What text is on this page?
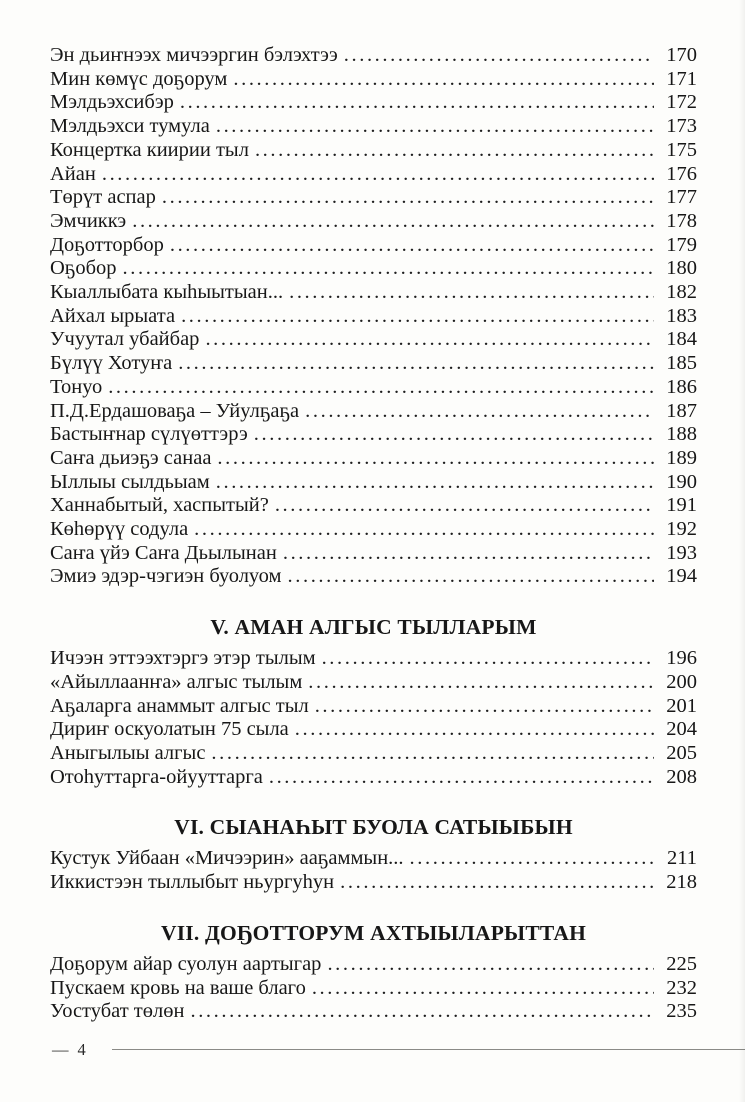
Эн дьиҥнээх мичээргин бэлэхтээ .....	170
Мин көмүс доҕорум .....	171
Мэлдьэхсибэр .....	172
Мэлдьэхси тумула .....	173
Концертка киирии тыл .....	175
Айан .....	176
Төрүт аспар .....	177
Эмчиккэ .....	178
Доҕотторбор .....	179
Оҕобор .....	180
Кыаллыбата кыһыытыан... .....	182
Айхал ырыата .....	183
Учуутал убайбар .....	184
Бүлүү Хотуҥа .....	185
Тонуо .....	186
П.Д.Ердашоваҕа – Уйулҕаҕа .....	187
Бастыҥнар сүлүөттэрэ .....	188
Саҥа дьиэҕэ санаа .....	189
Ыллыы сылдьыам .....	190
Ханнабытый, хаспытый? .....	191
Көһөрүү содула .....	192
Саҥа үйэ Саҥа Дьылынан .....	193
Эмиэ эдэр-чэгиэн буолуом .....	194
V. АМАН АЛГЫС ТЫЛЛАРЫМ
Ичээн эттээхтэргэ этэр тылым .....	196
«Айыллаанҥа» алгыс тылым .....	200
Аҕаларга анаммыт алгыс тыл .....	201
Дириҥ оскуолатын 75 сыла .....	204
Аныгылыы алгыс .....	205
Отоһуттарга-ойууттарга .....	208
VI. СЫАНАҺЫТ БУОЛА САТЫЫБЫН
Кустук Уйбаан «Мичээрин» ааҕаммын... .....	211
Иккистээн тыллыбыт ньургуһун .....	218
VII. ДОҔОТТОРУМ АХТЫЫЛАРЫТТАН
Доҕорум айар суолун аартыгар .....	225
Пускаем кровь на ваше благо .....	232
Уостубат төлөн .....	235
— 4
